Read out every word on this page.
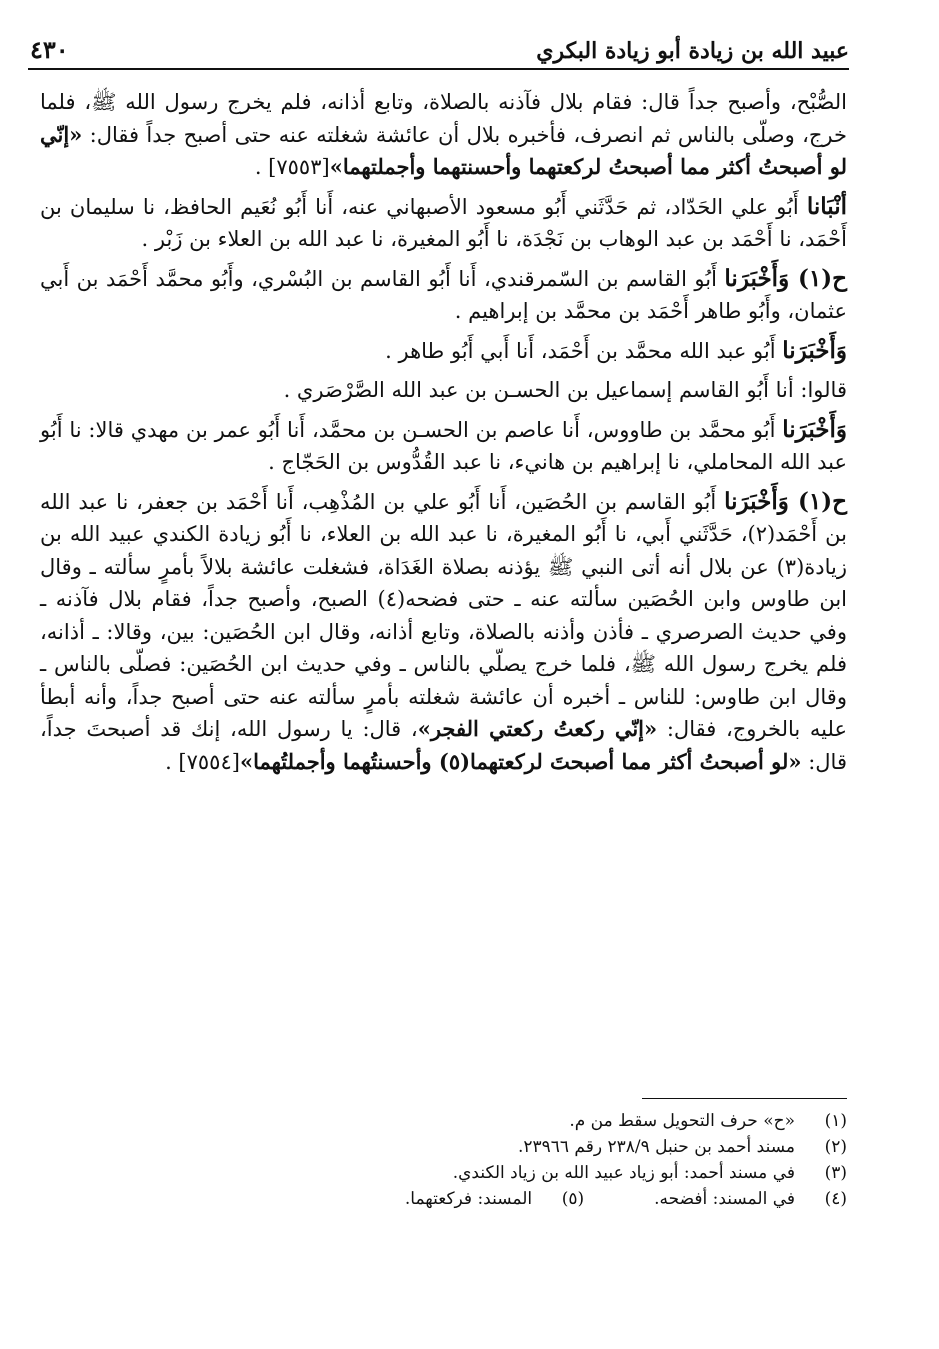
عبيد الله بن زيادة أبو زيادة البكري
٤٣٠

الصُّبْح، وأصبح جداً قال: فقام بلال فآذنه بالصلاة، وتابع أذانه، فلم يخرج رسول الله ﷺ، فلما خرج، وصلّى بالناس ثم انصرف، فأخبره بلال أن عائشة شغلته عنه حتى أصبح جداً فقال: «إنّي لو أصبحتُ أكثر مما أصبحتُ لركعتهما وأحسنتهما وأجملتهما»[٧٥٥٣] .

أنْبَانا أَبُو علي الحَدّاد، ثم حَدَّثَني أَبُو مسعود الأصبهاني عنه، أَنا أَبُو نُعَيم الحافظ، نا سليمان بن أَحْمَد، نا أَحْمَد بن عبد الوهاب بن نَجْدَة، نا أَبُو المغيرة، نا عبد الله بن العلاء بن زَبْر .

ح(١) وَأَخْبَرَنا أَبُو القاسم بن السّمرقندي، أَنا أَبُو القاسم بن البُسْري، وأَبُو محمَّد أَحْمَد بن أَبي عثمان، وأَبُو طاهر أَحْمَد بن محمَّد بن إبراهيم .

وَأَخْبَرَنا أَبُو عبد الله محمَّد بن أَحْمَد، أَنا أَبي أَبُو طاهر .

قالوا: أنا أَبُو القاسم إسماعيل بن الحسـن بن عبد الله الصَّرْصَري .

وَأَخْبَرَنا أَبُو محمَّد بن طاووس، أَنا عاصم بن الحسـن بن محمَّد، أَنا أَبُو عمر بن مهدي قالا: نا أَبُو عبد الله المحاملي، نا إبراهيم بن هانيء، نا عبد القُدُّوس بن الحَجّاج .

ح(١) وَأَخْبَرَنا أَبُو القاسم بن الحُصَين، أَنا أَبُو علي بن المُذْهِب، أَنا أَحْمَد بن جعفر، نا عبد الله بن أَحْمَد(٢)، حَدَّثَني أَبي، نا أَبُو المغيرة، نا عبد الله بن العلاء، نا أَبُو زيادة الكندي عبيد الله بن زيادة(٣) عن بلال أنه أتى النبي ﷺ يؤذنه بصلاة الغَدَاة، فشغلت عائشة بلالاً بأمرٍ سألته ـ وقال ابن طاوس وابن الحُصَين سألته عنه ـ حتى فضحه(٤) الصبح، وأصبح جداً، فقام بلال فآذنه ـ وفي حديث الصرصري ـ فأذن وأذنه بالصلاة، وتابع أذانه، وقال ابن الحُصَين: بين، وقالا: ـ أذانه، فلم يخرج رسول الله ﷺ، فلما خرج يصلّي بالناس ـ وفي حديث ابن الحُصَين: فصلّى بالناس ـ وقال ابن طاوس: للناس ـ أخبره أن عائشة شغلته بأمرٍ سألته عنه حتى أصبح جداً، وأنه أبطأ عليه بالخروج، فقال: «إنّي ركعتُ ركعتي الفجر»، قال: يا رسول الله، إنك قد أصبحتَ جداً، قال: «لو أصبحتُ أكثر مما أصبحتَ لركعتهما(٥) وأحسنتُهما وأجملتُهما»[٧٥٥٤] .

(١)
«ح» حرف التحويل سقط من م.
(٢)
مسند أحمد بن حنبل ٢٣٨/٩ رقم ٢٣٩٦٦.
(٣)
في مسند أحمد: أبو زياد عبيد الله بن زياد الكندي.
(٤)
في المسند: أفضحه.
(٥)
المسند: فركعتهما.
